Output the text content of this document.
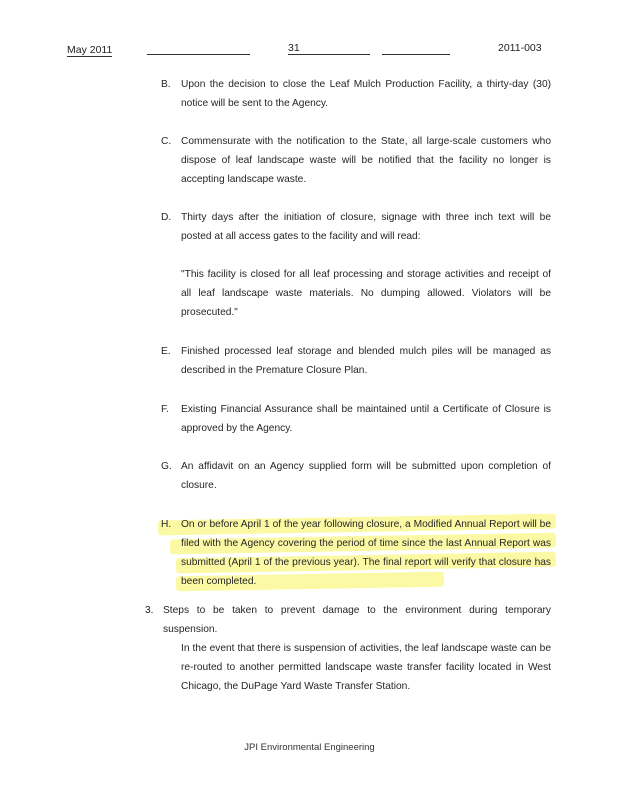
May 2011	31	2011-003
B. Upon the decision to close the Leaf Mulch Production Facility, a thirty-day (30) notice will be sent to the Agency.
C. Commensurate with the notification to the State, all large-scale customers who dispose of leaf landscape waste will be notified that the facility no longer is accepting landscape waste.
D. Thirty days after the initiation of closure, signage with three inch text will be posted at all access gates to the facility and will read:
"This facility is closed for all leaf processing and storage activities and receipt of all leaf landscape waste materials. No dumping allowed. Violators will be prosecuted."
E. Finished processed leaf storage and blended mulch piles will be managed as described in the Premature Closure Plan.
F. Existing Financial Assurance shall be maintained until a Certificate of Closure is approved by the Agency.
G. An affidavit on an Agency supplied form will be submitted upon completion of closure.
H. On or before April 1 of the year following closure, a Modified Annual Report will be filed with the Agency covering the period of time since the last Annual Report was submitted (April 1 of the previous year). The final report will verify that closure has been completed.
3. Steps to be taken to prevent damage to the environment during temporary suspension.
In the event that there is suspension of activities, the leaf landscape waste can be re-routed to another permitted landscape waste transfer facility located in West Chicago, the DuPage Yard Waste Transfer Station.
JPI Environmental Engineering
